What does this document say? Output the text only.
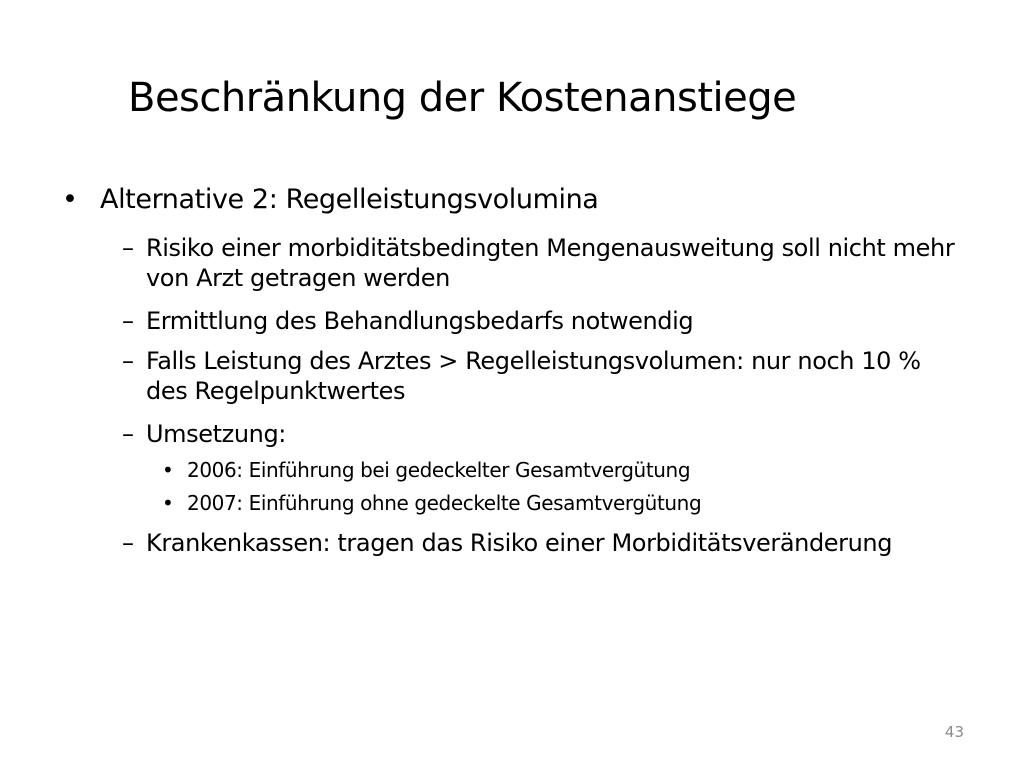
Beschränkung der Kostenanstiege
• Alternative 2: Regelleistungsvolumina
– Risiko einer morbiditätsbedingten Mengenausweitung soll nicht mehr von Arzt getragen werden
– Ermittlung des Behandlungsbedarfs notwendig
– Falls Leistung des Arztes > Regelleistungsvolumen: nur noch 10 % des Regelpunktwertes
– Umsetzung:
• 2006: Einführung bei gedeckelter Gesamtvergütung
• 2007: Einführung ohne gedeckelte Gesamtvergütung
– Krankenkassen: tragen das Risiko einer Morbiditätsveränderung
43
